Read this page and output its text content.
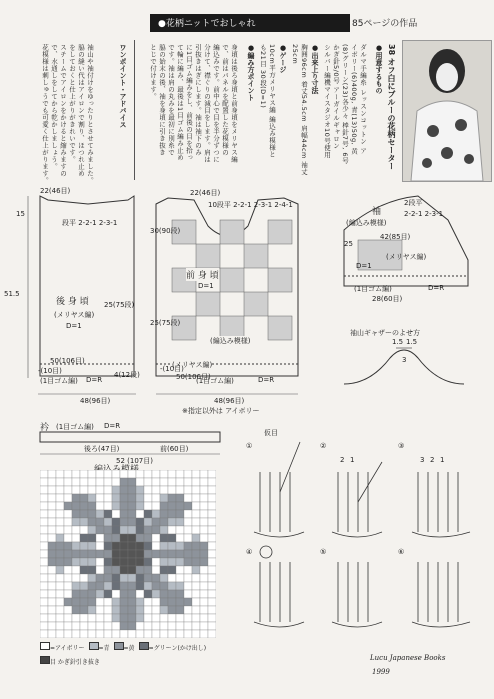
●花柄ニットでおしゃれ	85ページの作品
38 オフ白にブルーの花柄セーター
●用意するもの
ダルマ手編糸 レッスンコットン ア
イボリー(6)400g, 青(13)50g, 黄
(8)グリーン(23)各少々 棒針7号, 6号
かぎ針5/0号 アーガイルギャロン
シルバー編機マイスタジオ10号使用
●出来上り寸法
胸囲96cm 着丈54.5cm 肩幅44cm 袖丈
25cm
●ゲージ
10cm平方メリヤス編 編込み模様と
も21目 30段(D=1)
●編み方ポイント
身頃は後ろ身頃と前身頃をメリヤス編
で、前はパネルを配置した花模様の
編込みです。前中心で目を半分ずつに
分けて、襟ぐりの減目をします。肩は
引抜きはぎにします。袖は袖下のみ
に1目ゴム編みをし、前後の目を拾っ
て輪に編み、最後は1目ゴム編み止め
です。袖は肩の丸みを最初に別糸で
脇の始末の後、袖を身頃に引き抜き
とじで付けます。
ワンポイント・アドバイス
袖山や袖付けをゆったりとさせてみました。
脇の縫い代はアイロンで割り、ほつれ止め
をしておくと仕上がりがきれいです。
スチームでアイロンをかけると縮みますの
で、水通しをしてから乾かしましょう。
花模様は刺しゅうでも可愛く仕上がります。
22(46目)
15
段平 2-2-1 2-3-1
51.5
25(75段)
4(12段)
後 身 頃
(メリヤス編)
D=1
50(106目)
(1目ゴム編) D=R
-(10目)
48(96目)
22(46目)
10段平 2-2-1 2-3-1 2-4-1
30(90段)
25(75段)
前 身 頃
D=1
(編込み模様)
(メリヤス編)
50(106目)
-(10目)
(1目ゴム編)	D=R
48(96目)
※指定以外は アイボリー
袖
2段平
2-2-1 2-3-1
(編込み模様)
42(85目)
25
(メリヤス編)
D=1
(1目ゴム編)	D=R
28(60目)
袖山ギャザーのよせ方
1.5 1.5
3
衿 (1目ゴム編) D=R
後ろ(47目)	前(60目)
52 (107目)
=アイボリー	=青	=黄	=グリーン(かけ出し)
目 かぎ針引き抜き
仮目
①	②	③
④	⑤	⑥
2 1	3 2 1
Lucu Japanese Books
1999
